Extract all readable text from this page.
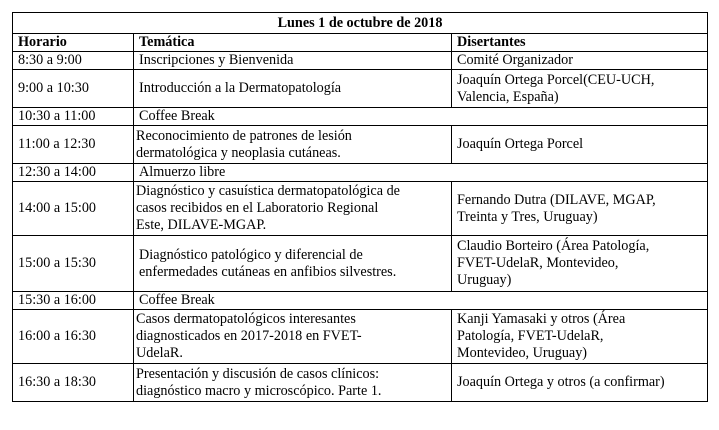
Lunes 1 de octubre de 2018		
Horario	Temática	Disertantes
8:30 a 9:00	Inscripciones y Bienvenida	Comité Organizador

9:00 a 10:30	Introducción a la Dermatopatología	Joaquín Ortega Porcel(CEU-UCH,
Valencia, España)

10:30 a 11:00	Coffee Break	

11:00 a 12:30	Reconocimiento de patrones de lesión
dermatológica y neoplasia cutáneas.	Joaquín Ortega Porcel

12:30 a 14:00	Almuerzo libre	

14:00 a 15:00	Diagnóstico y casuística dermatopatológica de
casos recibidos en el Laboratorio Regional
Este, DILAVE-MGAP.	Fernando Dutra (DILAVE, MGAP,
Treinta y Tres, Uruguay)

15:00 a 15:30	Diagnóstico patológico y diferencial de
enfermedades cutáneas en anfibios silvestres.	Claudio Borteiro (Área Patología,
FVET-UdelaR, Montevideo,
Uruguay)

15:30 a 16:00	Coffee Break	

16:00 a 16:30	Casos dermatopatológicos interesantes
diagnosticados en 2017-2018 en FVET-
UdelaR.	Kanji Yamasaki y otros (Área
Patología, FVET-UdelaR,
Montevideo, Uruguay)

16:30 a 18:30	Presentación y discusión de casos clínicos:
diagnóstico macro y microscópico. Parte 1.	Joaquín Ortega y otros (a confirmar)
